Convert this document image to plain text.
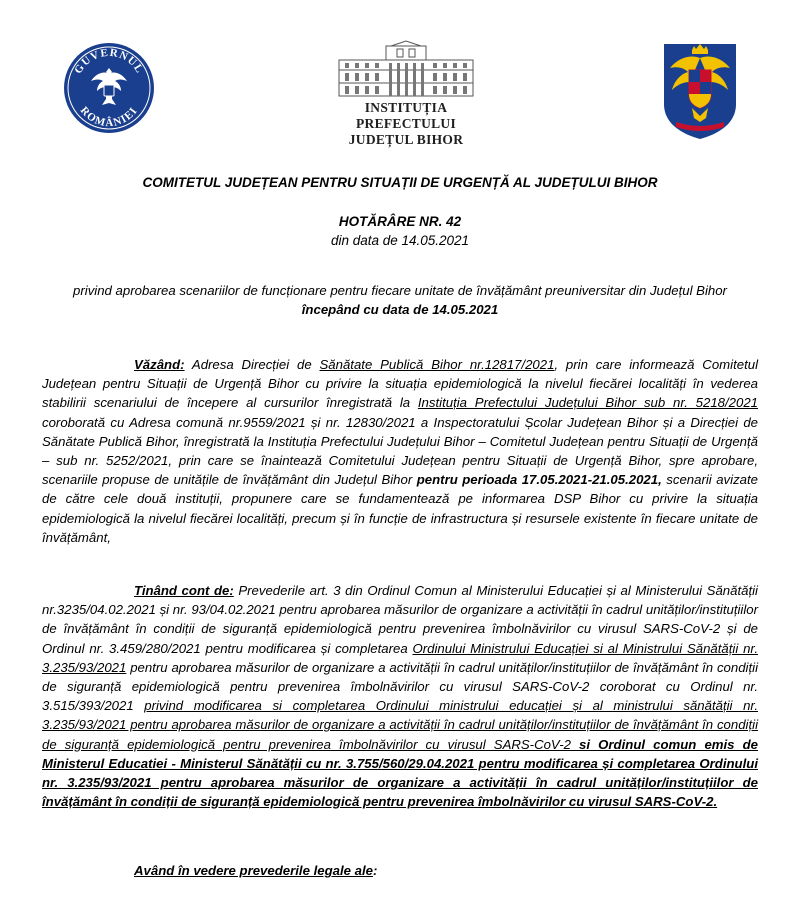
GUVERNUL
ROMÂNIEI	INSTITUȚIA PREFECTULUI
JUDEȚUL BIHOR
COMITETUL JUDEȚEAN PENTRU SITUAȚII DE URGENȚĂ AL JUDEȚULUI BIHOR
HOTĂRÂRE NR. 42
din data de 14.05.2021
privind aprobarea scenariilor de funcționare pentru fiecare unitate de învățământ preuniversitar din Județul Bihor
începând cu data de 14.05.2021
Văzând: Adresa Direcției de Sănătate Publică Bihor nr.12817/2021, prin care informează Comitetul Județean pentru Situații de Urgență Bihor cu privire la situația epidemiologică la nivelul fiecărei localități în vederea stabilirii scenariului de începere al cursurilor înregistrată la Instituția Prefectului Județului Bihor sub nr. 5218/2021 coroborată cu Adresa comună nr.9559/2021 și nr. 12830/2021 a Inspectoratului Școlar Județean Bihor și a Direcției de Sănătate Publică Bihor, înregistrată la Instituția Prefectului Județului Bihor – Comitetul Județean pentru Situații de Urgență – sub nr. 5252/2021, prin care se înaintează Comitetului Județean pentru Situații de Urgență Bihor, spre aprobare, scenariile propuse de unitățile de învățământ din Județul Bihor pentru perioada 17.05.2021-21.05.2021, scenarii avizate de către cele două instituții, propunere care se fundamentează pe informarea DSP Bihor cu privire la situația epidemiologică la nivelul fiecărei localități, precum și în funcție de infrastructura și resursele existente în fiecare unitate de învățământ,
Tinând cont de: Prevederile art. 3 din Ordinul Comun al Ministerului Educației și al Ministerului Sănătății nr.3235/04.02.2021 și nr. 93/04.02.2021 pentru aprobarea măsurilor de organizare a activității în cadrul unităților/instituțiilor de învățământ în condiții de siguranță epidemiologică pentru prevenirea îmbolnăvirilor cu virusul SARS-CoV-2 și de Ordinul nr. 3.459/280/2021 pentru modificarea și completarea Ordinului Ministrului Educației si al Ministrului Sănătății nr. 3.235/93/2021 pentru aprobarea măsurilor de organizare a activității în cadrul unităților/instituțiilor de învățământ în condiții de siguranță epidemiologică pentru prevenirea îmbolnăvirilor cu virusul SARS-CoV-2 coroborat cu Ordinul nr. 3.515/393/2021 privind modificarea si completarea Ordinului ministrului educației și al ministrului sănătății nr. 3.235/93/2021 pentru aprobarea măsurilor de organizare a activității în cadrul unităților/instituțiilor de învățământ în condiții de siguranță epidemiologică pentru prevenirea îmbolnăvirilor cu virusul SARS-CoV-2 si Ordinul comun emis de Ministerul Educatiei - Ministerul Sănătății cu nr. 3.755/560/29.04.2021 pentru modificarea și completarea Ordinului nr. 3.235/93/2021 pentru aprobarea măsurilor de organizare a activității în cadrul unităților/instituțiilor de învățământ în condiții de siguranță epidemiologică pentru prevenirea îmbolnăvirilor cu virusul SARS-CoV-2.
Având în vedere prevederile legale ale:
